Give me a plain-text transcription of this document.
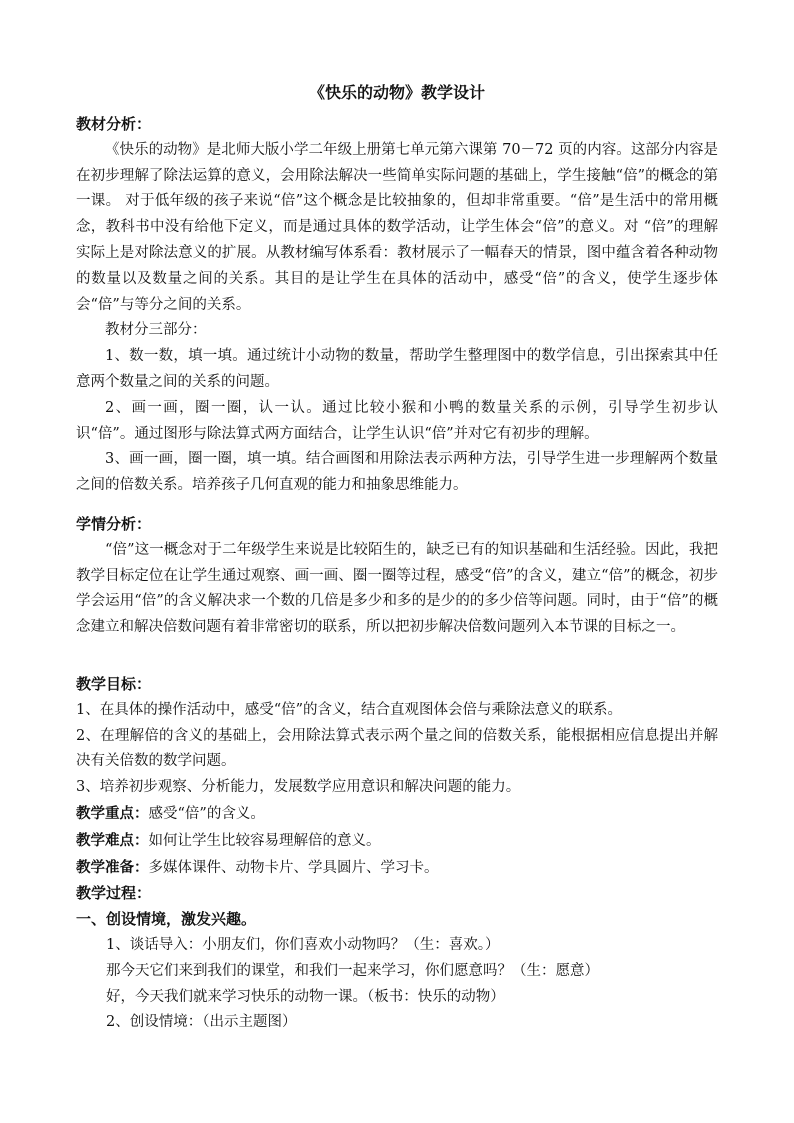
《快乐的动物》教学设计

教材分析：

《快乐的动物》是北师大版小学二年级上册第七单元第六课第 70－72 页的内容。这部分内容是在初步理解了除法运算的意义，会用除法解决一些简单实际问题的基础上，学生接触“倍”的概念的第一课。 对于低年级的孩子来说“倍”这个概念是比较抽象的，但却非常重要。“倍”是生活中的常用概念，教科书中没有给他下定义，而是通过具体的数学活动，让学生体会“倍”的意义。对 “倍”的理解实际上是对除法意义的扩展。从教材编写体系看：教材展示了一幅春天的情景，图中蕴含着各种动物的数量以及数量之间的关系。其目的是让学生在具体的活动中，感受“倍”的含义，使学生逐步体会“倍”与等分之间的关系。

教材分三部分：

1、数一数，填一填。通过统计小动物的数量，帮助学生整理图中的数学信息，引出探索其中任意两个数量之间的关系的问题。

2、画一画，圈一圈，认一认。通过比较小猴和小鸭的数量关系的示例，引导学生初步认识“倍”。通过图形与除法算式两方面结合，让学生认识“倍”并对它有初步的理解。

3、画一画，圈一圈，填一填。结合画图和用除法表示两种方法，引导学生进一步理解两个数量之间的倍数关系。培养孩子几何直观的能力和抽象思维能力。

学情分析：

“倍”这一概念对于二年级学生来说是比较陌生的，缺乏已有的知识基础和生活经验。因此，我把教学目标定位在让学生通过观察、画一画、圈一圈等过程，感受“倍”的含义，建立“倍”的概念，初步学会运用“倍”的含义解决求一个数的几倍是多少和多的是少的的多少倍等问题。同时，由于“倍”的概念建立和解决倍数问题有着非常密切的联系，所以把初步解决倍数问题列入本节课的目标之一。

教学目标：

1、在具体的操作活动中，感受“倍”的含义，结合直观图体会倍与乘除法意义的联系。

2、在理解倍的含义的基础上，会用除法算式表示两个量之间的倍数关系，能根据相应信息提出并解决有关倍数的数学问题。

3、培养初步观察、分析能力，发展数学应用意识和解决问题的能力。

教学重点：感受“倍”的含义。

教学难点：如何让学生比较容易理解倍的意义。

教学准备：多媒体课件、动物卡片、学具圆片、学习卡。

教学过程：

一、创设情境，激发兴趣。

1、谈话导入：小朋友们，你们喜欢小动物吗？（生：喜欢。）

那今天它们来到我们的课堂，和我们一起来学习，你们愿意吗？（生：愿意）

好，今天我们就来学习快乐的动物一课。（板书：快乐的动物）

2、创设情境：（出示主题图）
